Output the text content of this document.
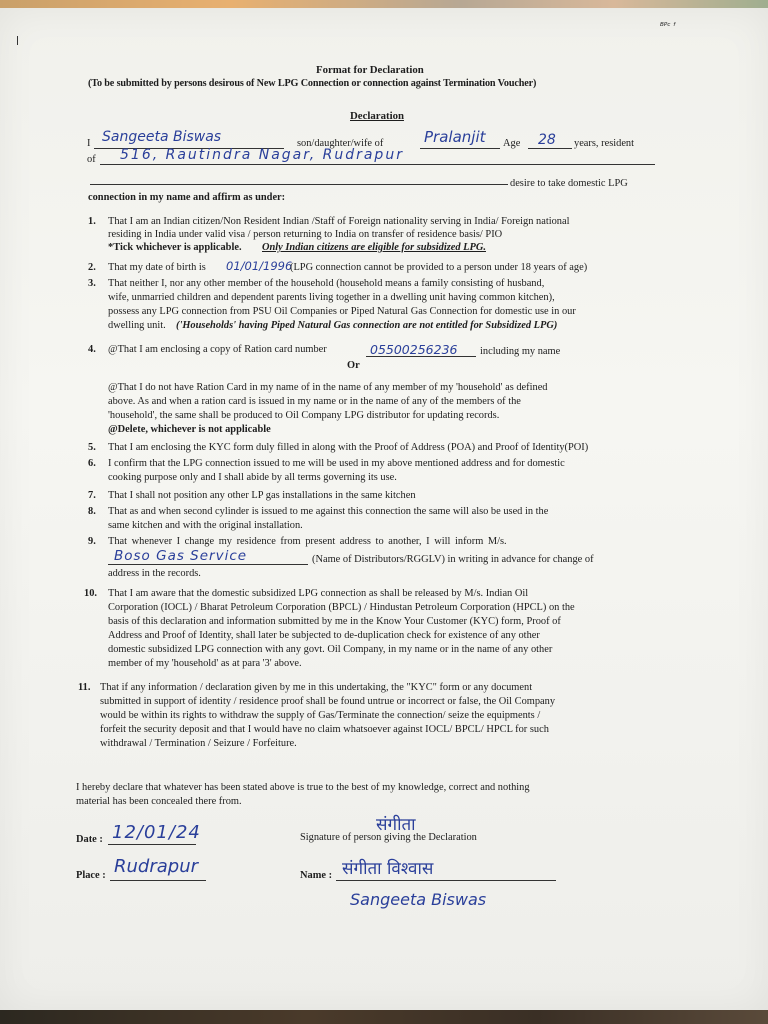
ᴮᴾᶜ ᶠ
Format for Declaration
(To be submitted by persons desirous of New LPG Connection or connection against Termination Voucher)
Declaration
I Sangeeta Biswas	son/daughter/wife of	Pralanjit Age 28 years, resident
of 516, Rautindra Nagar, Rudrapur
desire to take domestic LPG
connection in my name and affirm as under:
1. That I am an Indian citizen/Non Resident Indian /Staff of Foreign nationality serving in India/ Foreign national
residing in India under valid visa / person returning to India on transfer of residence basis/ PIO
*Tick whichever is applicable. Only Indian citizens are eligible for subsidized LPG.
2. That my date of birth is 01/01/1996
(LPG connection cannot be provided to a person under 18 years of age)
3. That neither I, nor any other member of the household (household means a family consisting of husband,
wife, unmarried children and dependent parents living together in a dwelling unit having common kitchen),
possess any LPG connection from PSU Oil Companies or Piped Natural Gas Connection for domestic use in our
dwelling unit. ('Households' having Piped Natural Gas connection are not entitled for Subsidized LPG)
4. @That I am enclosing a copy of Ration card number	05500256236 including my name
Or
@That I do not have Ration Card in my name of in the name of any member of my 'household' as defined
above. As and when a ration card is issued in my name or in the name of any of the members of the
'household', the same shall be produced to Oil Company LPG distributor for updating records.
@Delete, whichever is not applicable
5. That I am enclosing the KYC form duly filled in along with the Proof of Address (POA) and Proof of Identity(POI)
6. I confirm that the LPG connection issued to me will be used in my above mentioned address and for domestic
cooking purpose only and I shall abide by all terms governing its use.
7. That I shall not position any other LP gas installations in the same kitchen
8. That as and when second cylinder is issued to me against this connection the same will also be used in the
same kitchen and with the original installation.
9. That whenever I change my residence from present address to another, I will inform M/s.
Boso Gas Service	(Name of Distributors/RGGLV) in writing in advance for change of
address in the records.
10. That I am aware that the domestic subsidized LPG connection as shall be released by M/s. Indian Oil
Corporation (IOCL) / Bharat Petroleum Corporation (BPCL) / Hindustan Petroleum Corporation (HPCL) on the
basis of this declaration and information submitted by me in the Know Your Customer (KYC) form, Proof of
Address and Proof of Identity, shall later be subjected to de-duplication check for existence of any other
domestic subsidized LPG connection with any govt. Oil Company, in my name or in the name of any other
member of my 'household' as at para '3' above.
11. That if any information / declaration given by me in this undertaking, the "KYC" form or any document
submitted in support of identity / residence proof shall be found untrue or incorrect or false, the Oil Company
would be within its rights to withdraw the supply of Gas/Terminate the connection/ seize the equipments /
forfeit the security deposit and that I would have no claim whatsoever against IOCL/ BPCL/ HPCL for such
withdrawal / Termination / Seizure / Forfeiture.
I hereby declare that whatever has been stated above is true to the best of my knowledge, correct and nothing
material has been concealed there from.
Date : 12/01/24	संगीता
Signature of person giving the Declaration
Place : Rudrapur	Name : संगीता विश्वास
Sangeeta Biswas
